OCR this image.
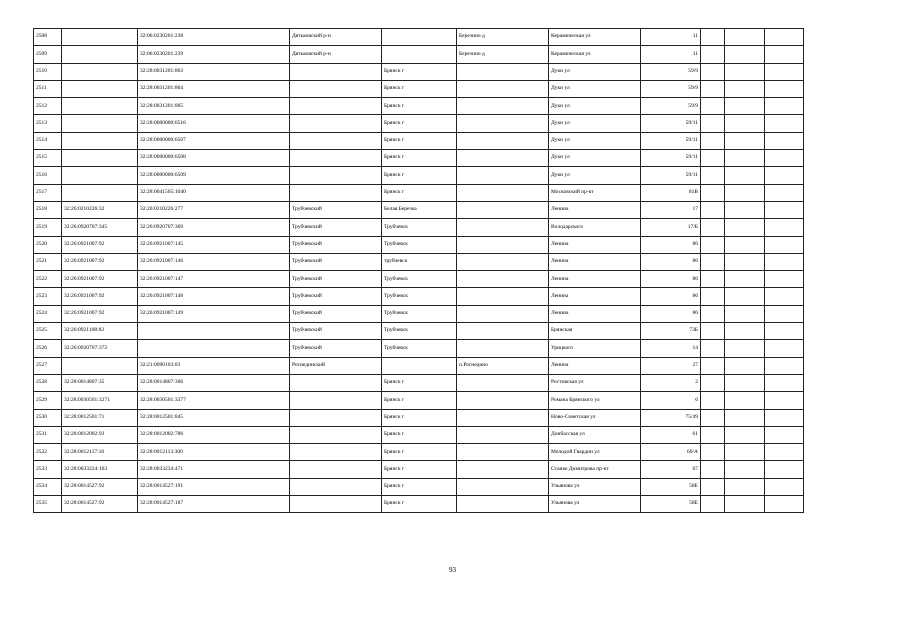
2508		32:06:0230201:238	Дятьковский р-н		Березино д	Керамическая ул	11			
2509		32:06:0230201:239	Дятьковский р-н		Березино д	Керамическая ул	11			
2510		32:28:0031201:863		Брянск г		Дуки ул	59/9			
2511		32:28:0031201:864		Брянск г		Дуки ул	59/9			
2512		32:28:0031201:865		Брянск г		Дуки ул	59/9			
2513		32:28:0000000:6516		Брянск г		Дуки ул	59/11			
2514		32:28:0000000:6507		Брянск г		Дуки ул	59/11			
2515		32:28:0000000:6508		Брянск г		Дуки ул	59/11			
2516		32:28:0000000:6509		Брянск г		Дуки ул	59/11			
2517		32:28:0041505:1040		Брянск г		Московский пр-кт	81В			
2518	32:26:0210226:32	32:26:0210226:277	Трубчевский	Белая Березка		Ленина	17			
2519	32:26:0920707:345	32:26:0920707:369	Трубчевский	Трубчевск		Володарского	17/Б			
2520	32:26:0921007:92	32:26:0921007:145	Трубчевский	Трубчевск		Ленина	86			
2521	32:26:0921007:92	32:26:0921007:146	Трубчевский	трубчевск		Ленина	86			
2522	32:26:0921007:92	32:26:0921007:147	Трубчевский	Трубчевск		Ленина	86			
2523	32:26:0921007:92	32:26:0921007:148	Трубчевский	Трубчевск		Ленина	86			
2524	32:26:0921007:92	32:26:0921007:149	Трубчевский	Трубчевск		Ленина	86			
2525	32:26:0921108:82		Трубчевский	Трубчевск		Брянская	73Б			
2526	32:26:0920707:372		Трубчевский	Трубчевск		Урицкого	14			
2527		32:21:0090103:83	Рогнединский		п.Рогнедино	Ленина	27			
2528	32:28:0014807:35	32:28:0014807:366		Брянск г		Ростовская ул	2			
2529	32:28:0030501:3271	32:28:0030501:3377		Брянск г		Романа Брянского ул	6			
2530	32:28:0012501:71	32:28:0012501:845		Брянск г		Ново-Советская ул	75/49			
2531	32:28:0012002:93	32:28:0012002:786		Брянск г		Донбасская ул	61			
2532	32:28:0012117:16	32:28:0012113:300		Брянск г		Молодой Гвардии ул	60/А			
2533	32:28:0033224:163	32:28:0033234:471		Брянск г		Станке Димитрова пр-кт	67			
2534	32:28:0014527:92	32:28:0014527:191		Брянск г		Ульянова ул	58Е			
2535	32:28:0014527:92	32:28:0014527:187		Брянск г		Ульянова ул	58Е			
93
